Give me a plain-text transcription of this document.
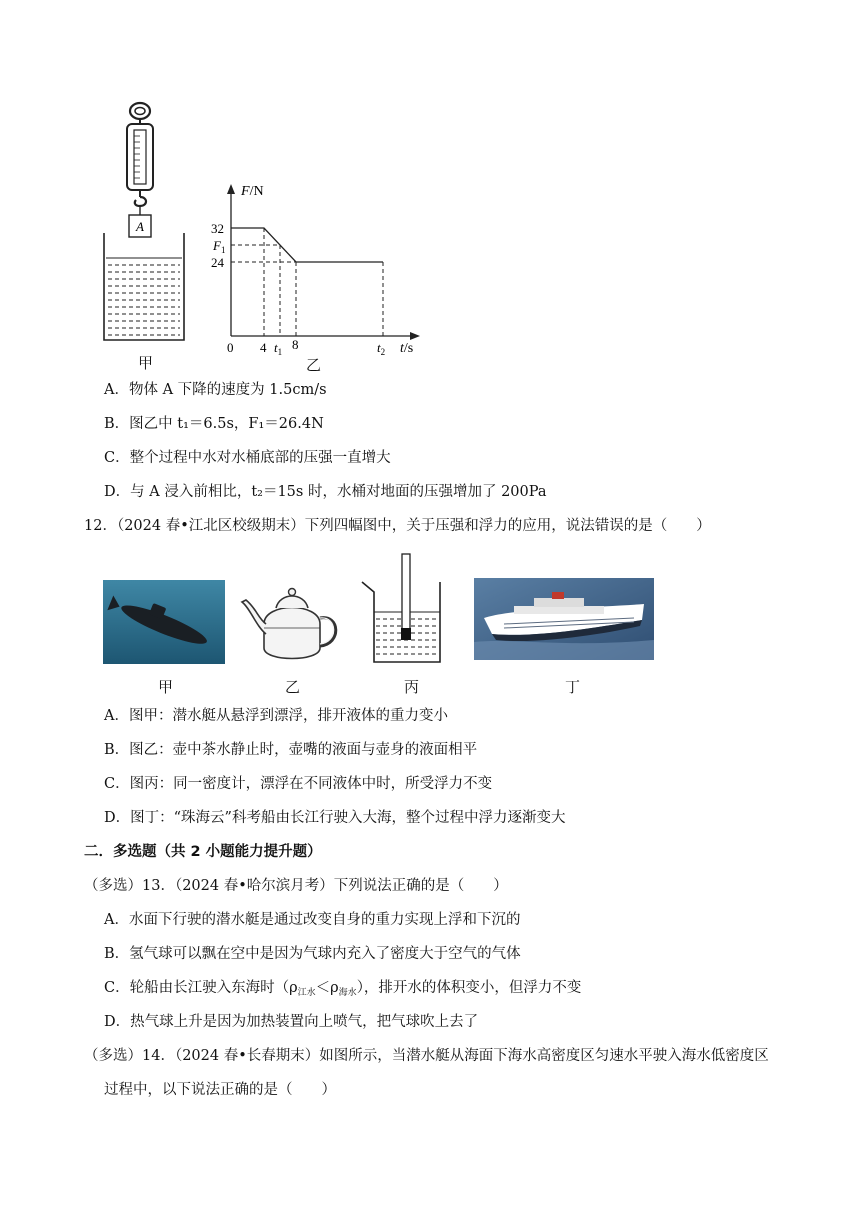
A
F/N
t/s
32
$F_1$
24
0 4 $t_1$ 8	$t_2$
甲	乙
A．物体 A 下降的速度为 1.5cm/s
B．图乙中 t₁＝6.5s，F₁＝26.4N
C．整个过程中水对水桶底部的压强一直增大
D．与 A 浸入前相比，t₂＝15s 时，水桶对地面的压强增加了 200Pa
12．（2024 春•江北区校级期末）下列四幅图中，关于压强和浮力的应用，说法错误的是（　　）
甲	乙	丙	丁
A．图甲：潜水艇从悬浮到漂浮，排开液体的重力变小
B．图乙：壶中茶水静止时，壶嘴的液面与壶身的液面相平
C．图丙：同一密度计，漂浮在不同液体中时，所受浮力不变
D．图丁：“珠海云”科考船由长江行驶入大海，整个过程中浮力逐渐变大
二．多选题（共 2 小题能力提升题）
（多选）13．（2024 春•哈尔滨月考）下列说法正确的是（　　）
A．水面下行驶的潜水艇是通过改变自身的重力实现上浮和下沉的
B．氢气球可以飘在空中是因为气球内充入了密度大于空气的气体
C．轮船由长江驶入东海时$(\rho_{江水}<\rho_{海水})$，排开水的体积变小，但浮力不变
D．热气球上升是因为加热装置向上喷气，把气球吹上去了
（多选）14．（2024 春•长春期末）如图所示，当潜水艇从海面下海水高密度区匀速水平驶入海水低密度区
过程中，以下说法正确的是（　　）
